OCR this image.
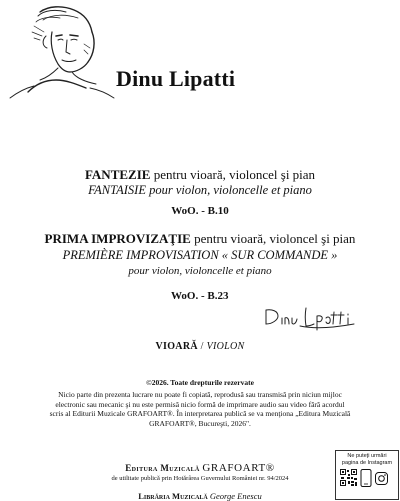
Dinu Lipatti
FANTEZIE pentru vioară, violoncel şi pian
FANTAISIE pour violon, violoncelle et piano
WoO. - B.10
PRIMA IMPROVIZAŢIE pentru vioară, violoncel şi pian
PREMIÈRE IMPROVISATION « SUR COMMANDE »
pour violon, violoncelle et piano
WoO. - B.23
VIOARĂ / VIOLON
©2026. Toate drepturile rezervate
Nicio parte din prezenta lucrare nu poate fi copiată, reprodusă sau transmisă prin niciun mijloc electronic sau mecanic şi nu este permisă nicio formă de imprimare audio sau video fără acordul scris al Editurii Muzicale GRAFOART®. În interpretarea publică se va menţiona „Editura Muzicală GRAFOART®, Bucureşti, 2026".
Editura Muzicală GRAFOART®
de utilitate publică prin Hotărârea Guvernului României nr. 94/2024
Librăria Muzicală George Enescu
Ne puteţi urmări
pagina de Instagram
